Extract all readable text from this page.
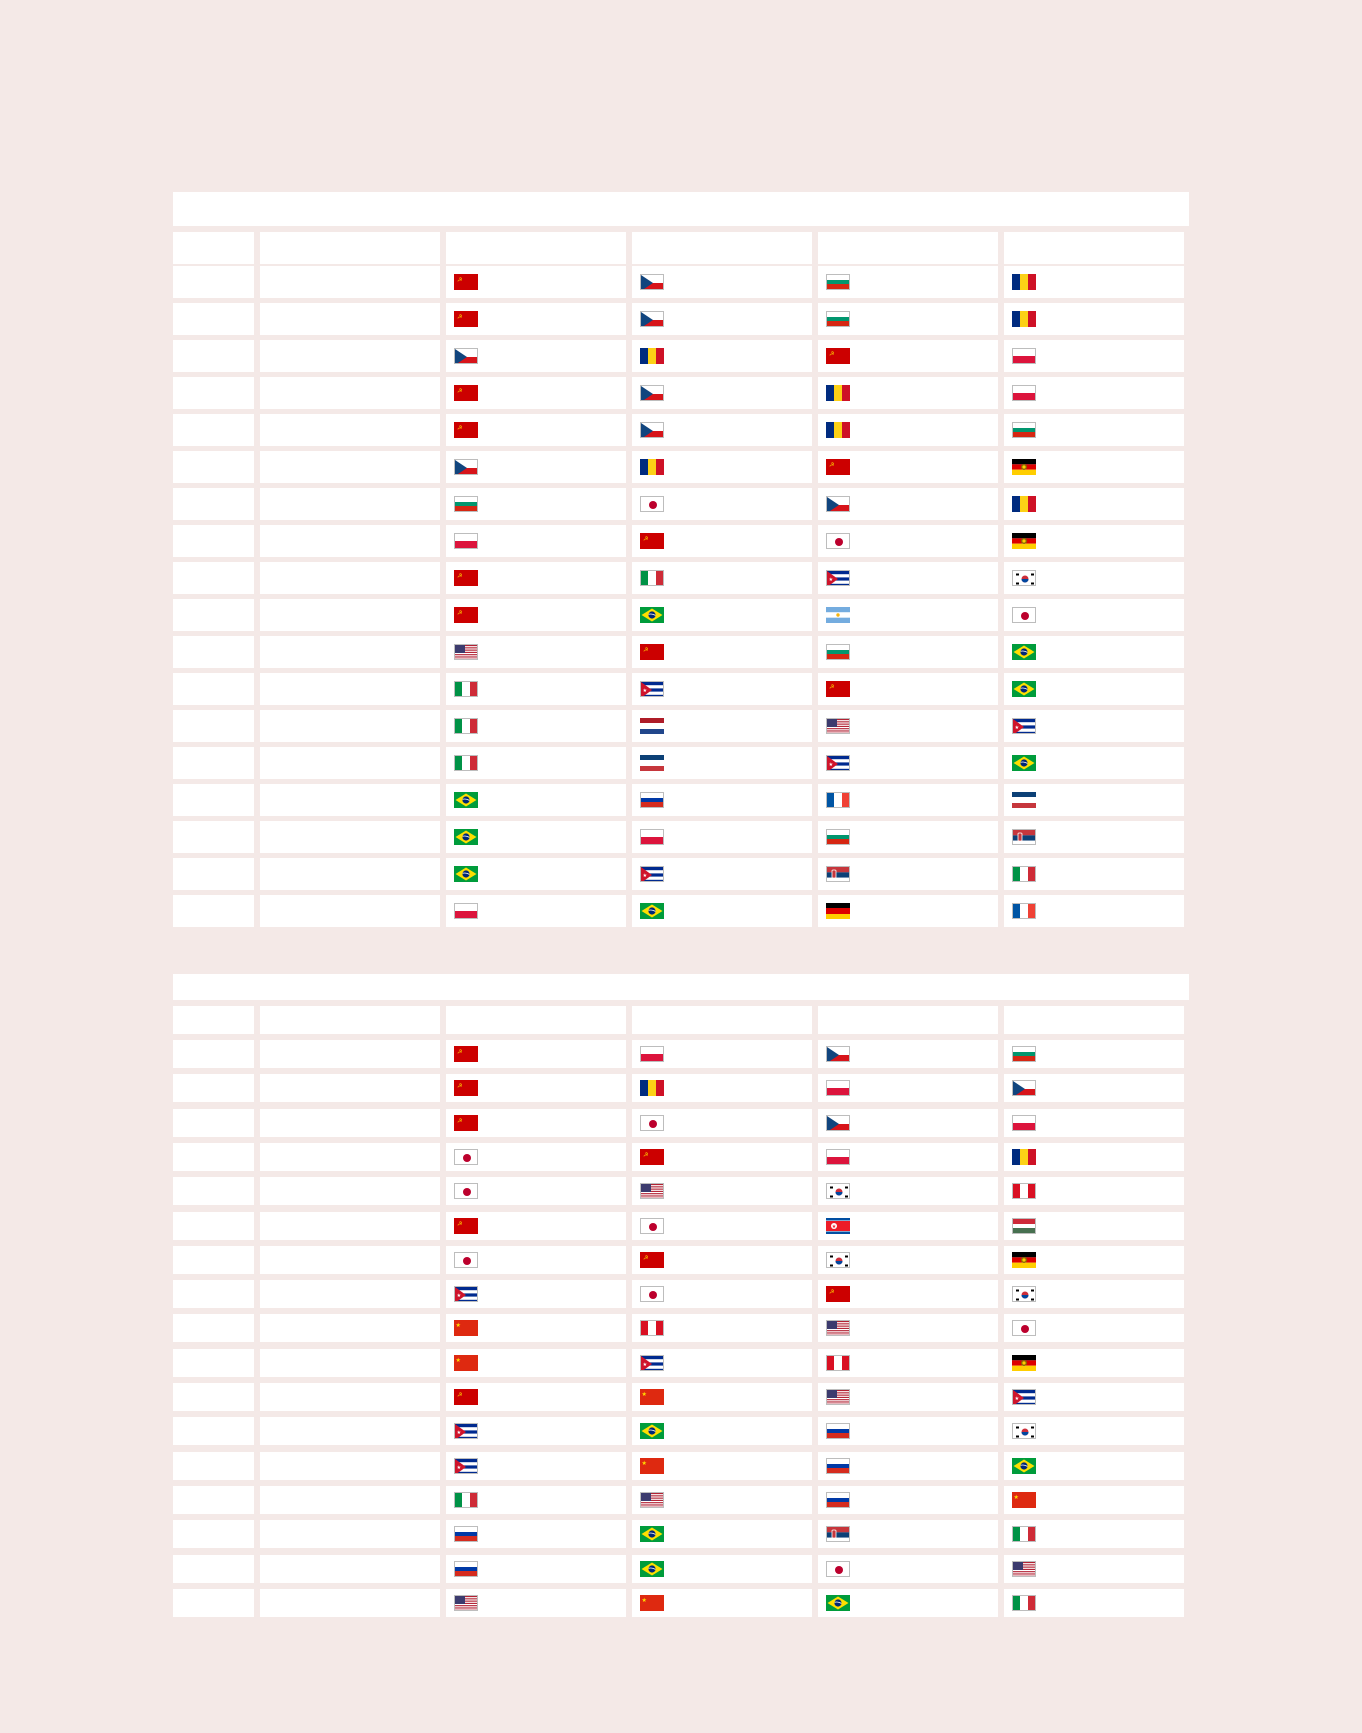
☭
☭
☭
☭
☭
☭
☭
☭
★
☭
☭
★
☭
★
★
★
☭
☭
☭
☭
☭	★
☭
★
☭
★
★
★
☭	★
★
★
★
★
★
★
